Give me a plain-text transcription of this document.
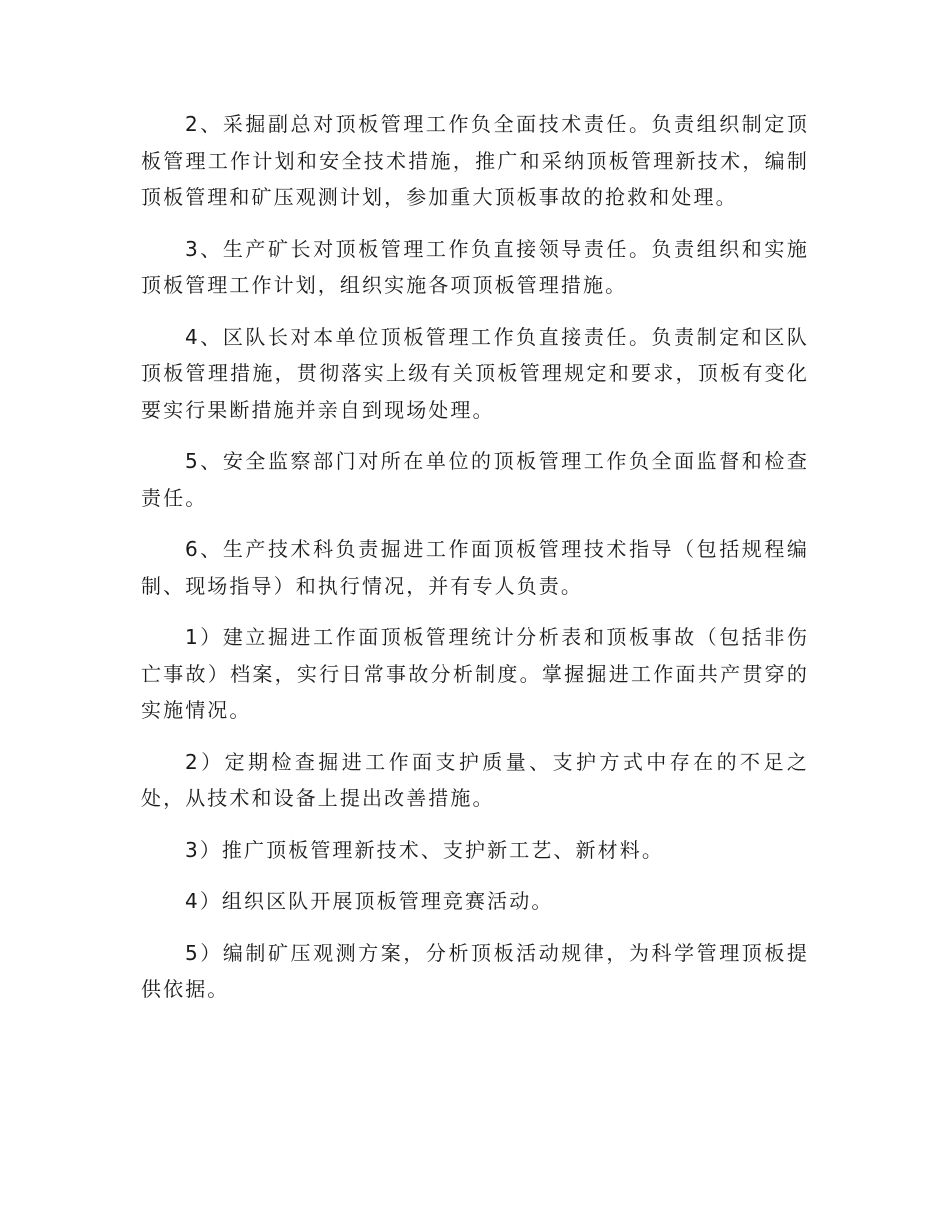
2、采掘副总对顶板管理工作负全面技术责任。负责组织制定顶板管理工作计划和安全技术措施，推广和采纳顶板管理新技术，编制顶板管理和矿压观测计划，参加重大顶板事故的抢救和处理。

3、生产矿长对顶板管理工作负直接领导责任。负责组织和实施顶板管理工作计划，组织实施各项顶板管理措施。

4、区队长对本单位顶板管理工作负直接责任。负责制定和区队顶板管理措施，贯彻落实上级有关顶板管理规定和要求，顶板有变化要实行果断措施并亲自到现场处理。

5、安全监察部门对所在单位的顶板管理工作负全面监督和检查责任。

6、生产技术科负责掘进工作面顶板管理技术指导（包括规程编制、现场指导）和执行情况，并有专人负责。

1）建立掘进工作面顶板管理统计分析表和顶板事故（包括非伤亡事故）档案，实行日常事故分析制度。掌握掘进工作面共产贯穿的实施情况。

2）定期检查掘进工作面支护质量、支护方式中存在的不足之处，从技术和设备上提出改善措施。

3）推广顶板管理新技术、支护新工艺、新材料。

4）组织区队开展顶板管理竞赛活动。

5）编制矿压观测方案，分析顶板活动规律，为科学管理顶板提供依据。
